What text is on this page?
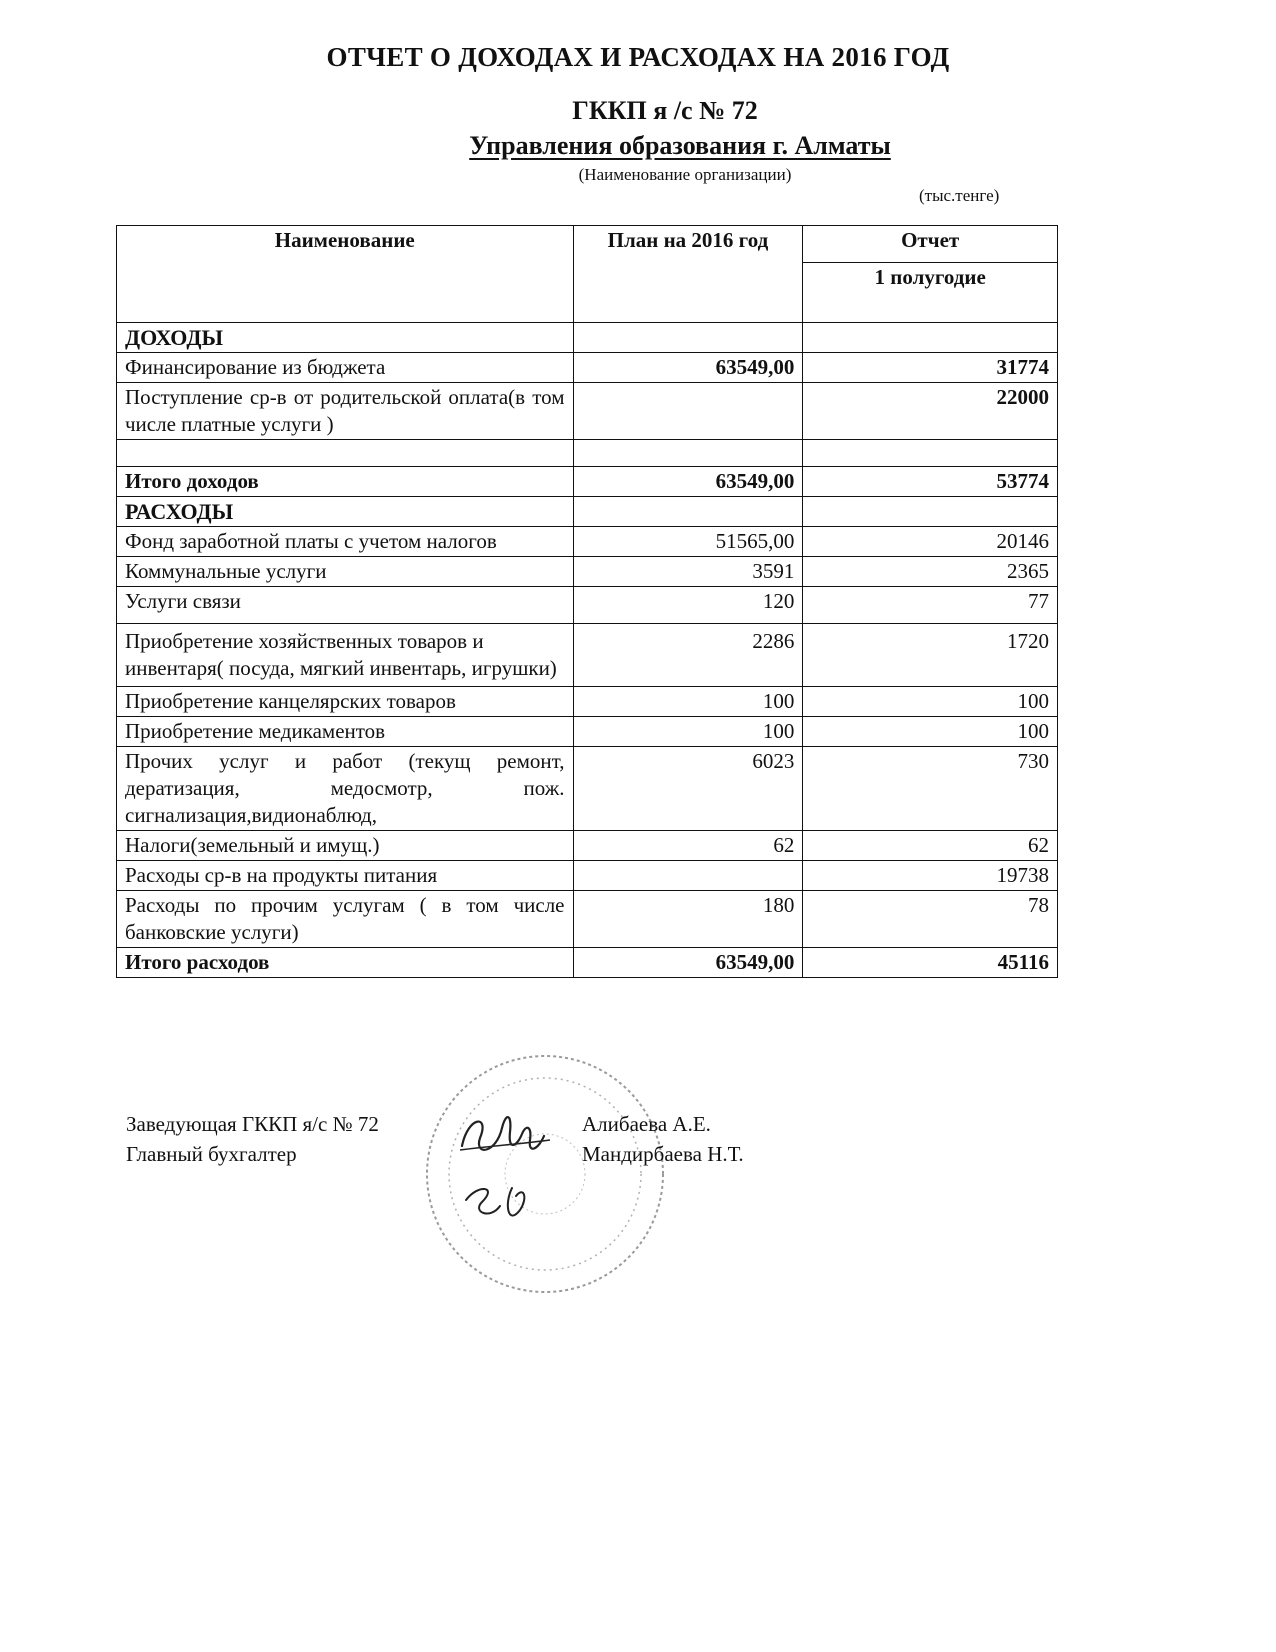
ОТЧЕТ О ДОХОДАХ И РАСХОДАХ НА 2016 ГОД
ГККП я /с № 72
Управления образования г. Алматы
(Наименование организации)
(тыс.тенге)
Наименование	План на 2016 год	Отчет
		1 полугодие
ДОХОДЫ		
Финансирование из бюджета	63549,00	31774
Поступление ср-в от родительской оплата(в том числе платные услуги )		22000

Итого доходов	63549,00	53774
РАСХОДЫ		
Фонд заработной платы с учетом налогов	51565,00	20146
Коммунальные услуги	3591	2365
Услуги связи	120	77
Приобретение хозяйственных товаров и инвентаря( посуда, мягкий инвентарь, игрушки)	2286	1720
Приобретение канцелярских товаров	100	100
Приобретение медикаментов	100	100
Прочих услуг и работ (текущ ремонт, дератизация, медосмотр, пож. сигнализация,видионаблюд,	6023	730
Налоги(земельный и имущ.)	62	62
Расходы ср-в на продукты питания		19738
Расходы по прочим услугам ( в том числе банковские услуги)	180	78
Итого расходов	63549,00	45116
Заведующая ГККП я/с № 72	Алибаева А.Е.
Главный бухгалтер	Мандирбаева Н.Т.
